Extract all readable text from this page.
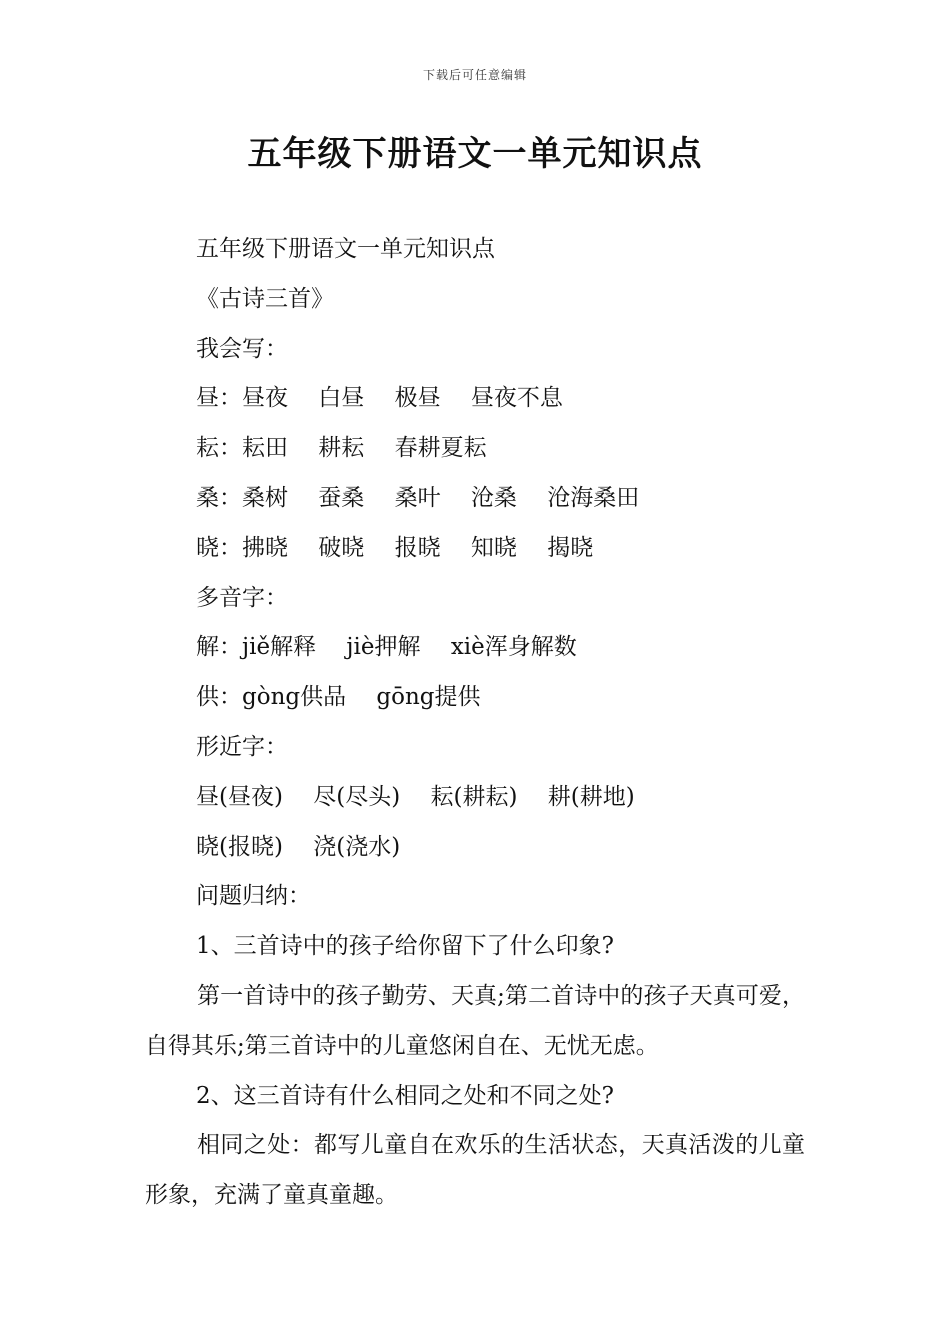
下载后可任意编辑
五年级下册语文一单元知识点
五年级下册语文一单元知识点
《古诗三首》
我会写：
昼：昼夜　 白昼　 极昼　 昼夜不息
耘：耘田　 耕耘　 春耕夏耘
桑：桑树　 蚕桑　 桑叶　 沧桑　 沧海桑田
晓：拂晓　 破晓　 报晓　 知晓　 揭晓
多音字：
解：jiě解释　 jiè押解　 xiè浑身解数
供：gòng供品　 gōng提供
形近字：
昼(昼夜)　 尽(尽头)　 耘(耕耘)　 耕(耕地)
晓(报晓)　 浇(浇水)
问题归纳：
1、三首诗中的孩子给你留下了什么印象?

第一首诗中的孩子勤劳、天真;第二首诗中的孩子天真可爱，自得其乐;第三首诗中的儿童悠闲自在、无忧无虑。

2、这三首诗有什么相同之处和不同之处?

相同之处：都写儿童自在欢乐的生活状态，天真活泼的儿童形象，充满了童真童趣。
